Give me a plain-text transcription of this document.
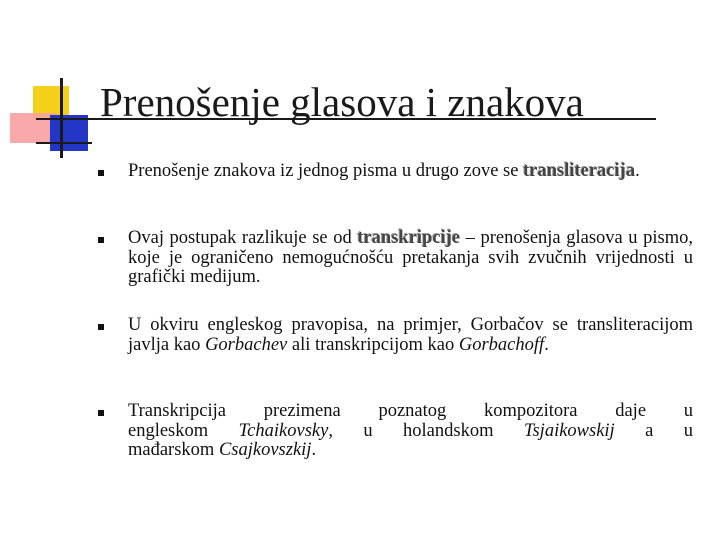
Prenošenje glasova i znakova
Prenošenje znakova iz jednog pisma u drugo zove se transliteracija.
Ovaj postupak razlikuje se od transkripcije – prenošenja glasova u pismo, koje je ograničeno nemogućnošću pretakanja svih zvučnih vrijednosti u grafički medijum.
U okviru engleskog pravopisa, na primjer, Gorbačov se transliteracijom javlja kao Gorbachev ali transkripcijom kao Gorbachoff.
Transkripcija prezimena poznatog kompozitora daje u
engleskom Tchaikovsky, u holandskom Tsjaikowskij a u
mađarskom Csajkovszkij.
